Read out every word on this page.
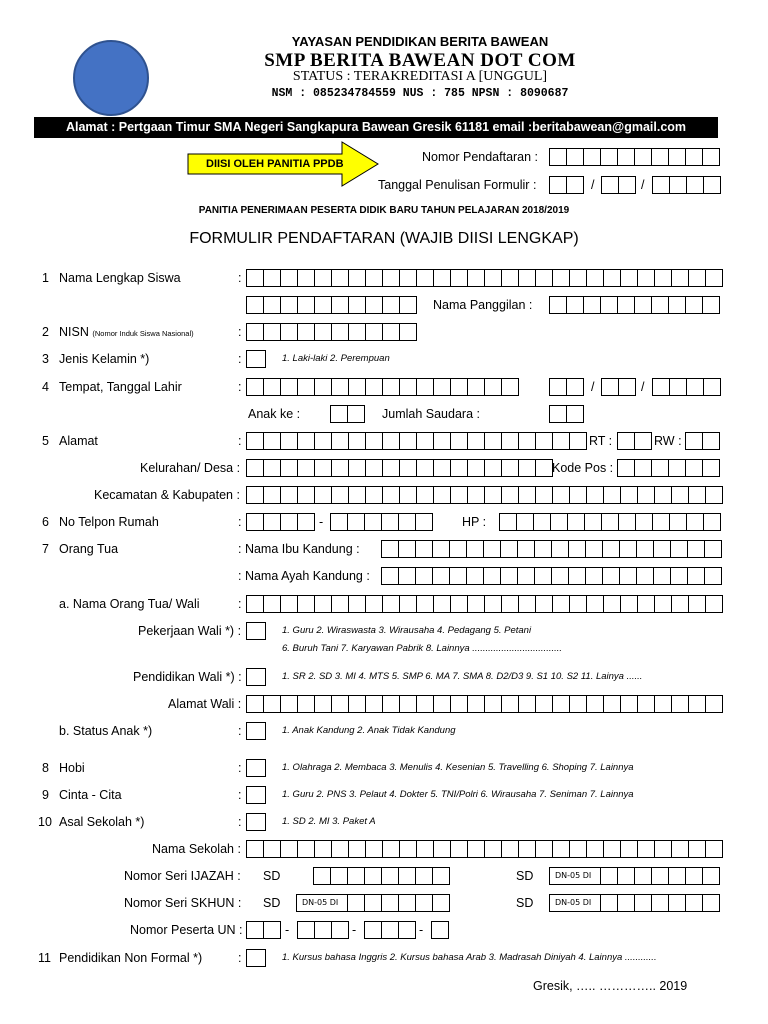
YAYASAN PENDIDIKAN BERITA BAWEAN
SMP BERITA BAWEAN DOT COM
STATUS : TERAKREDITASI A [UNGGUL]
NSM : 085234784559 NUS : 785 NPSN : 8090687
Alamat : Pertgaan Timur SMA Negeri Sangkapura Bawean Gresik 61181 email :beritabawean@gmail.com
DIISI OLEH PANITIA PPDB	Nomor Pendaftaran :
Tanggal Penulisan Formulir :	/	/
PANITIA PENERIMAAN PESERTA DIDIK BARU TAHUN PELAJARAN 2018/2019
FORMULIR PENDAFTARAN (WAJIB DIISI LENGKAP)
1 Nama Lengkap Siswa	:
Nama Panggilan :
2 NISN (Nomor Induk Siswa Nasional)	:
3 Jenis Kelamin *)	:	1. Laki-laki 2. Perempuan
4 Tempat, Tanggal Lahir	:	/	/
Anak ke :	Jumlah Saudara :
5 Alamat	:	RT :	RW :
Kelurahan/ Desa :	Kode Pos :
Kecamatan & Kabupaten :
6 No Telpon Rumah	:	-	HP :
7 Orang Tua	: Nama Ibu Kandung :
: Nama Ayah Kandung :
a. Nama Orang Tua/ Wali	:
Pekerjaan Wali *) :	1. Guru 2. Wiraswasta 3. Wirausaha 4. Pedagang 5. Petani
6. Buruh Tani 7. Karyawan Pabrik 8. Lainnya ..................................
Pendidikan Wali *) :	1. SR 2. SD 3. MI 4. MTS 5. SMP 6. MA 7. SMA 8. D2/D3 9. S1 10. S2 11. Lainya ......
Alamat Wali :
b. Status Anak *)	:	1. Anak Kandung 2. Anak Tidak Kandung
8 Hobi	:	1. Olahraga 2. Membaca 3. Menulis 4. Kesenian 5. Travelling 6. Shoping 7. Lainnya
9 Cinta - Cita	:	1. Guru 2. PNS 3. Pelaut 4. Dokter 5. TNI/Polri 6. Wirausaha 7. Seniman 7. Lainnya
10 Asal Sekolah *)	:	1. SD 2. MI 3. Paket A
Nama Sekolah :
Nomor Seri IJAZAH : SD	SD	DN-05 DI
Nomor Seri SKHUN : SD	DN-05 DI	SD	DN-05 DI
Nomor Peserta UN :	-	-	-
11 Pendidikan Non Formal *)	:	1. Kursus bahasa Inggris 2. Kursus bahasa Arab 3. Madrasah Diniyah 4. Lainnya ............
Gresik, ….. ………….. 2019
